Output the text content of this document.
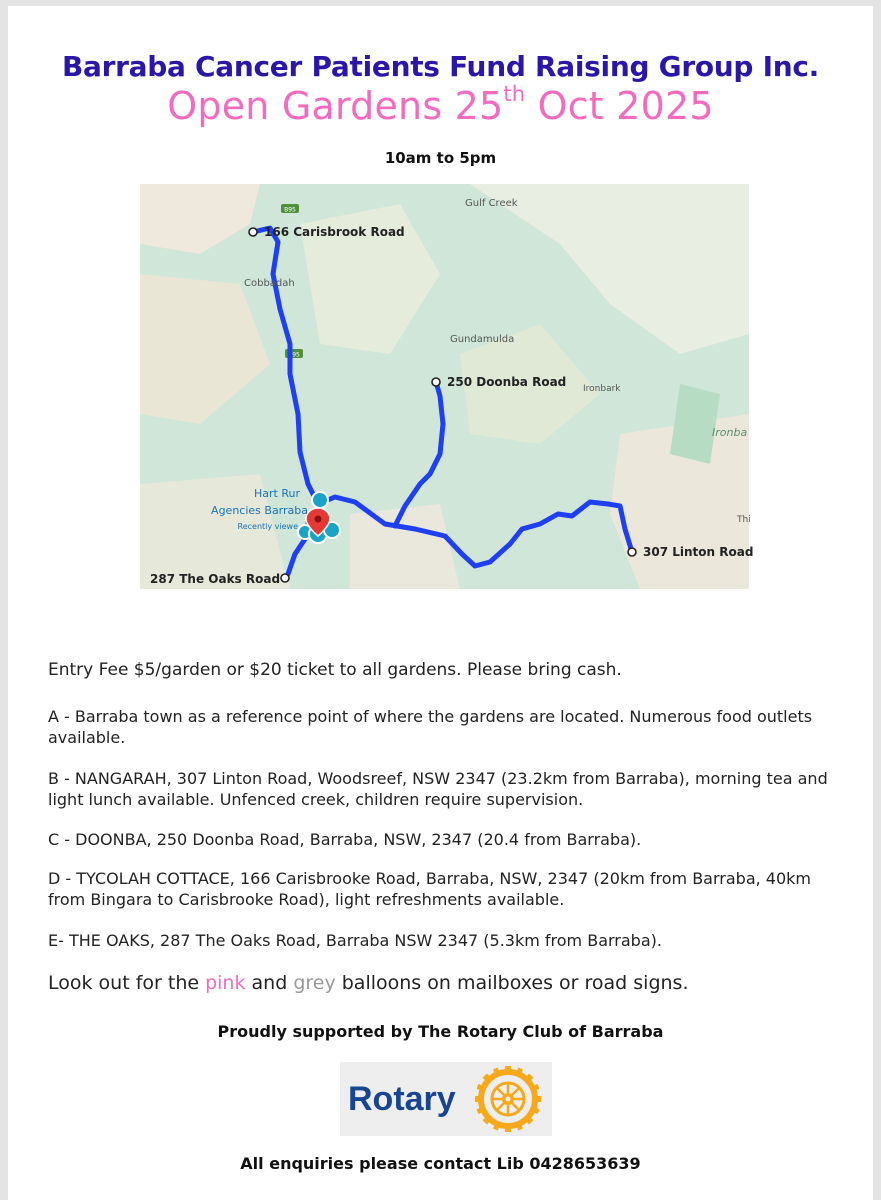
Barraba Cancer Patients Fund Raising Group Inc.
Open Gardens 25th Oct 2025
10am to 5pm
B95
B95
166 Carisbrook Road
250 Doonba Road
307 Linton Road
287 The Oaks Road
Gulf Creek
Cobbadah
Gundamulda
Ironbark
Ironba
Thi
Hart Rur
Agencies Barraba
Recently viewe
Entry Fee $5/garden or $20 ticket to all gardens. Please bring cash.
A - Barraba town as a reference point of where the gardens are located. Numerous food outlets available.
B - NANGARAH, 307 Linton Road, Woodsreef, NSW 2347 (23.2km from Barraba), morning tea and light lunch available. Unfenced creek, children require supervision.
C - DOONBA, 250 Doonba Road, Barraba, NSW, 2347 (20.4 from Barraba).
D - TYCOLAH COTTACE, 166 Carisbrooke Road, Barraba, NSW, 2347 (20km from Barraba, 40km from Bingara to Carisbrooke Road), light refreshments available.
E- THE OAKS, 287 The Oaks Road, Barraba NSW 2347 (5.3km from Barraba).
Look out for the pink and grey balloons on mailboxes or road signs.
Proudly supported by The Rotary Club of Barraba
Rotary
All enquiries please contact Lib 0428653639
